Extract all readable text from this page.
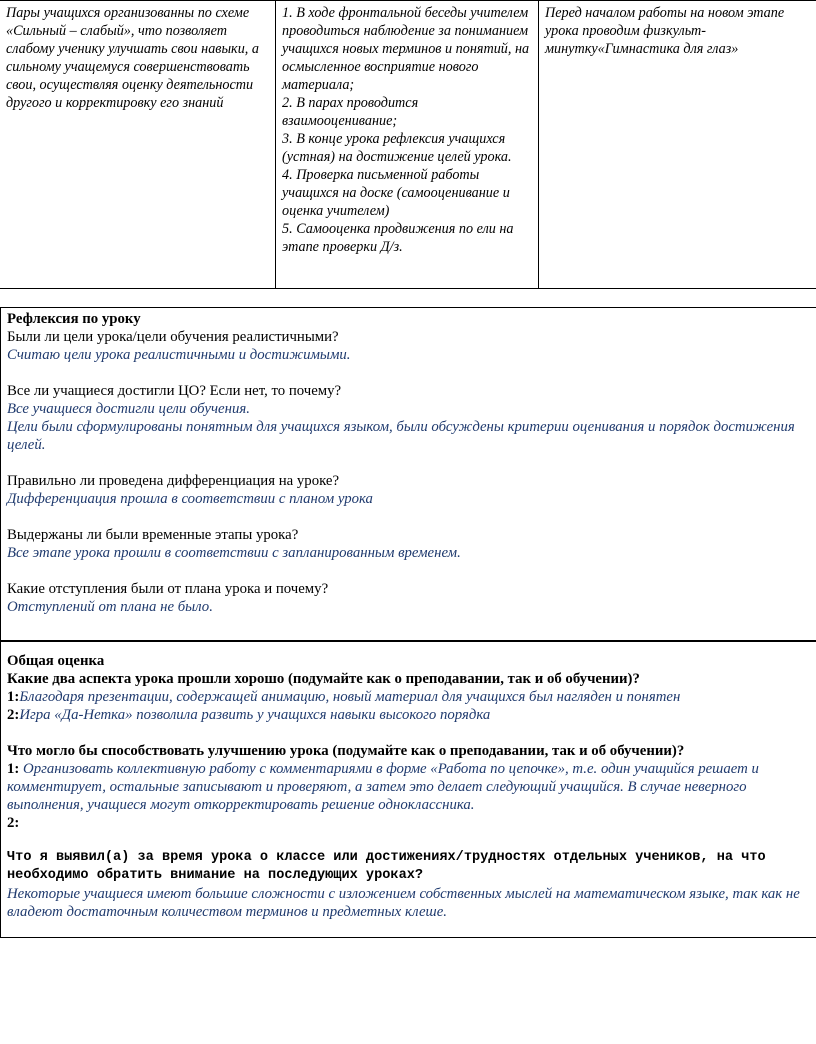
Пары учащихся организованны по схеме «Сильный – слабый», что позволяет слабому ученику улучшать свои навыки, а сильному учащемуся совершенствовать свои, осуществляя оценку деятельности другого и корректировку его знаний

1. В ходе фронтальной беседы учителем проводиться наблюдение за пониманием учащихся новых терминов и понятий, на осмысленное восприятие нового материала;

2. В парах проводится взаимооценивание;

3. В конце урока рефлексия учащихся (устная) на достижение целей урока.

4. Проверка письменной работы учащихся на доске (самооценивание и оценка учителем)

5. Самооценка продвижения по ели на этапе проверки Д/з.

Перед началом работы на новом этапе урока проводим физкульт-минутку«Гимнастика для глаз»

Рефлексия по уроку

Были ли цели урока/цели обучения реалистичными?

Считаю цели урока реалистичными и достижимыми.

Все ли учащиеся достигли ЦО? Если нет, то почему?

Все учащиеся достигли цели обучения.

Цели были сформулированы понятным для учащихся языком, были обсуждены критерии оценивания и порядок достижения целей.

Правильно ли проведена дифференциация на уроке?

Дифференциация прошла в соответствии с планом урока

Выдержаны ли были временные этапы урока?

Все этапе урока прошли в соответствии с запланированным временем.

Какие отступления были от плана урока и почему?

Отступлений от плана не было.

Общая оценка

Какие два аспекта урока прошли хорошо (подумайте как о преподавании, так и об обучении)?

1:Благодаря презентации, содержащей анимацию, новый материал для учащихся был нагляден и понятен

2:Игра «Да-Нетка» позволила развить у учащихся навыки высокого порядка

Что могло бы способствовать улучшению урока (подумайте как о преподавании, так и об обучении)?

1: Организовать коллективную работу с комментариями в форме «Работа по цепочке», т.е. один учащийся решает и комментирует, остальные записывают и проверяют, а затем это делает следующий учащийся. В случае неверного выполнения, учащиеся могут откорректировать решение одноклассника.

2:

Что я выявил(а) за время урока о классе или достижениях/трудностях отдельных учеников, на что необходимо обратить внимание на последующих уроках?

Некоторые учащиеся имеют большие сложности с изложением собственных мыслей на математическом языке, так как не владеют достаточным количеством терминов и предметных клеше.
